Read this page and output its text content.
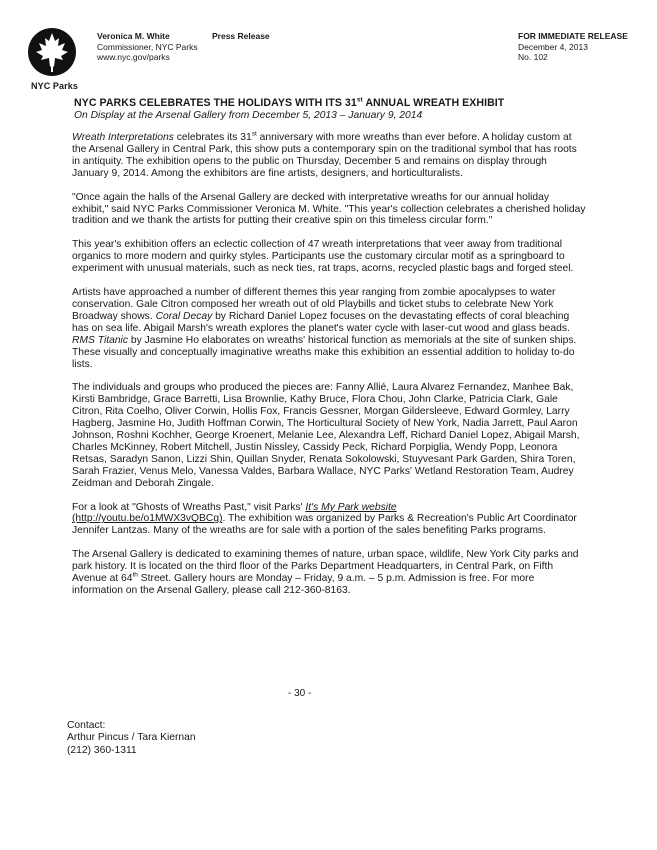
NYC Parks
Veronica M. White
Commissioner, NYC Parks
www.nyc.gov/parks
Press Release	FOR IMMEDIATE RELEASE
December 4, 2013
No. 102
NYC PARKS CELEBRATES THE HOLIDAYS WITH ITS 31st ANNUAL WREATH EXHIBIT
On Display at the Arsenal Gallery from December 5, 2013 – January 9, 2014

Wreath Interpretations celebrates its 31st anniversary with more wreaths than ever before. A holiday custom at the Arsenal Gallery in Central Park, this show puts a contemporary spin on the traditional symbol that has roots in antiquity. The exhibition opens to the public on Thursday, December 5 and remains on display through January 9, 2014. Among the exhibitors are fine artists, designers, and horticulturalists.

"Once again the halls of the Arsenal Gallery are decked with interpretative wreaths for our annual holiday exhibit," said NYC Parks Commissioner Veronica M. White. "This year's collection celebrates a cherished holiday tradition and we thank the artists for putting their creative spin on this timeless circular form."

This year's exhibition offers an eclectic collection of 47 wreath interpretations that veer away from traditional organics to more modern and quirky styles. Participants use the customary circular motif as a springboard to experiment with unusual materials, such as neck ties, rat traps, acorns, recycled plastic bags and forged steel.

Artists have approached a number of different themes this year ranging from zombie apocalypses to water conservation. Gale Citron composed her wreath out of old Playbills and ticket stubs to celebrate New York Broadway shows. Coral Decay by Richard Daniel Lopez focuses on the devastating effects of coral bleaching has on sea life. Abigail Marsh's wreath explores the planet's water cycle with laser-cut wood and glass beads. RMS Titanic by Jasmine Ho elaborates on wreaths' historical function as memorials at the site of sunken ships. These visually and conceptually imaginative wreaths make this exhibition an essential addition to holiday to-do lists.

The individuals and groups who produced the pieces are: Fanny Allié, Laura Alvarez Fernandez, Manhee Bak, Kirsti Bambridge, Grace Barretti, Lisa Brownlie, Kathy Bruce, Flora Chou, John Clarke, Patricia Clark, Gale Citron, Rita Coelho, Oliver Corwin, Hollis Fox, Francis Gessner, Morgan Gildersleeve, Edward Gormley, Larry Hagberg, Jasmine Ho, Judith Hoffman Corwin, The Horticultural Society of New York, Nadia Jarrett, Paul Aaron Johnson, Roshni Kochher, George Kroenert, Melanie Lee, Alexandra Leff, Richard Daniel Lopez, Abigail Marsh, Charles McKinney, Robert Mitchell, Justin Nissley, Cassidy Peck, Richard Porpiglia, Wendy Popp, Leonora Retsas, Saradyn Sanon, Lizzi Shin, Quillan Snyder, Renata Sokolowski, Stuyvesant Park Garden, Shira Toren, Sarah Frazier, Venus Melo, Vanessa Valdes, Barbara Wallace, NYC Parks' Wetland Restoration Team, Audrey Zeidman and Deborah Zingale.

For a look at "Ghosts of Wreaths Past," visit Parks' It's My Park website
(http://youtu.be/o1MWX3vQBCg). The exhibition was organized by Parks & Recreation's Public Art Coordinator Jennifer Lantzas. Many of the wreaths are for sale with a portion of the sales benefiting Parks programs.

The Arsenal Gallery is dedicated to examining themes of nature, urban space, wildlife, New York City parks and park history. It is located on the third floor of the Parks Department Headquarters, in Central Park, on Fifth Avenue at 64th Street. Gallery hours are Monday – Friday, 9 a.m. – 5 p.m. Admission is free. For more information on the Arsenal Gallery, please call 212-360-8163.

- 30 -
Contact:
Arthur Pincus / Tara Kiernan
(212) 360-1311
